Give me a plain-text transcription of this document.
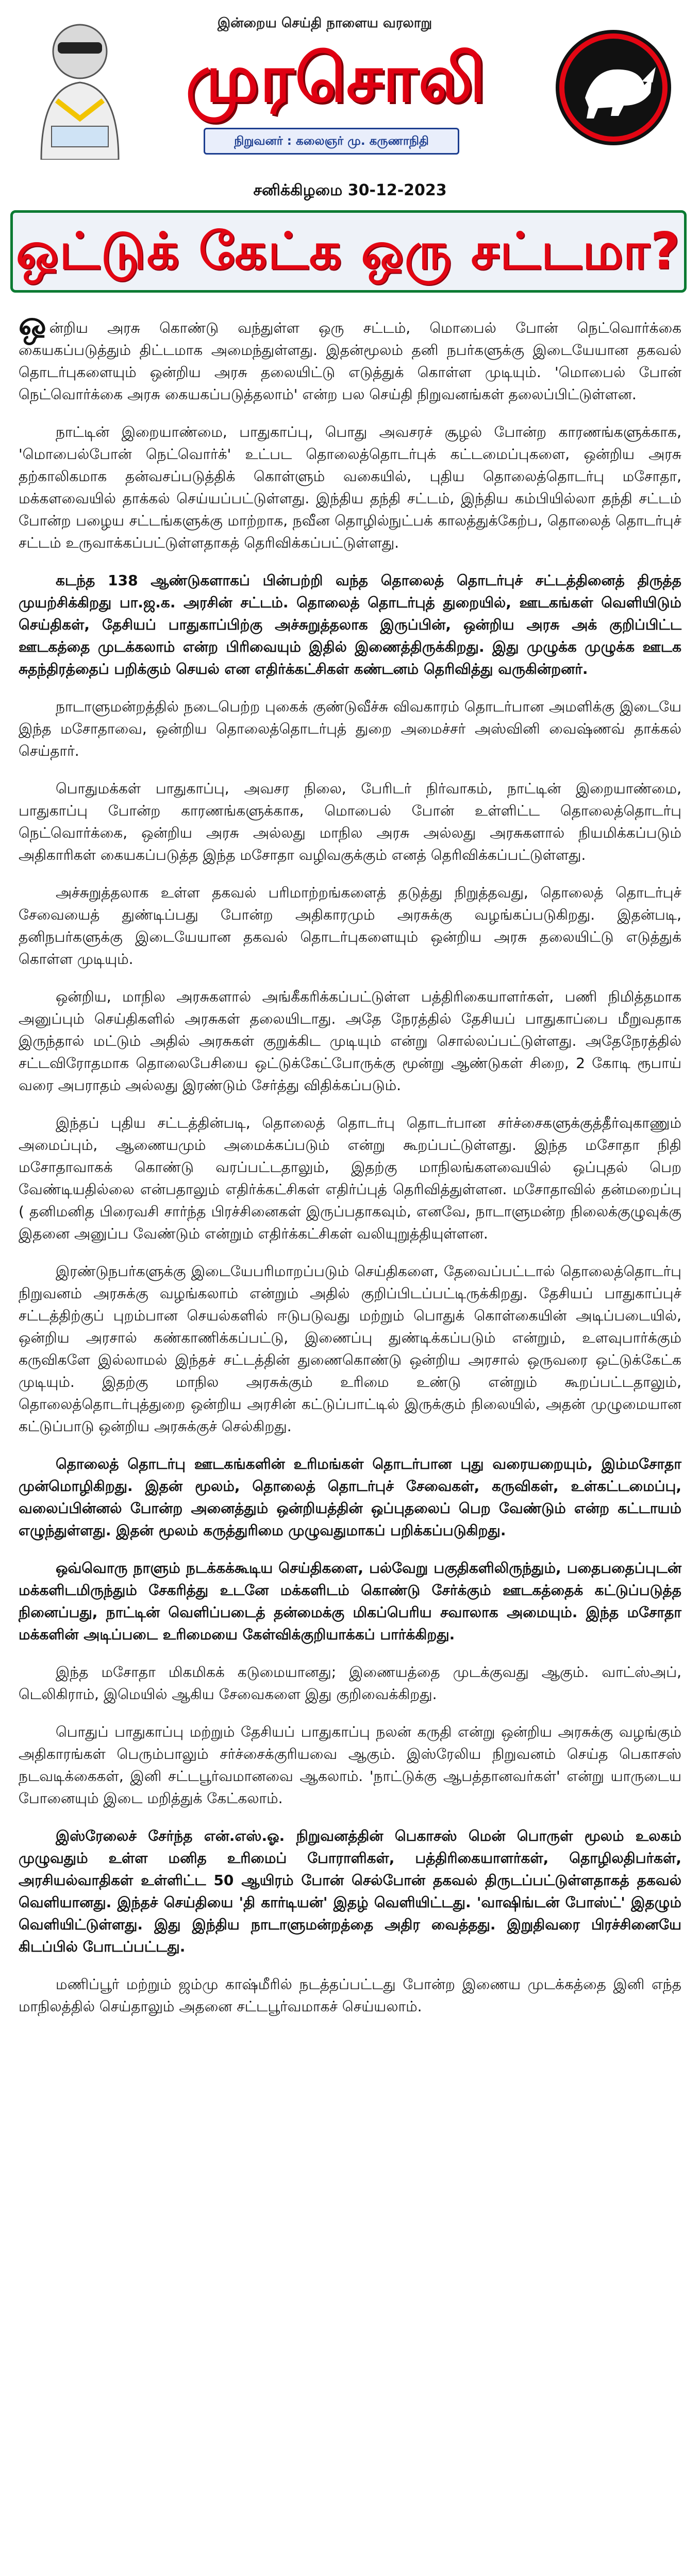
இன்றைய செய்தி நாளைய வரலாறு
முரசொலி
நிறுவனர் : கலைஞர் மு. கருணாநிதி
சனிக்கிழமை 30-12-2023
ஒட்டுக் கேட்க ஒரு சட்டமா?

ஒன்றிய அரசு கொண்டு வந்துள்ள ஒரு சட்டம், மொபைல் போன் நெட்வொர்க்கை கையகப்படுத்தும் திட்டமாக அமைந்துள்ளது. இதன்மூலம் தனி நபர்களுக்கு இடையேயான தகவல் தொடர்புகளையும் ஒன்றிய அரசு தலையிட்டு எடுத்துக் கொள்ள முடியும். 'மொபைல் போன் நெட்வொர்க்கை அரசு கையகப்படுத்தலாம்' என்ற பல செய்தி நிறுவனங்கள் தலைப்பிட்டுள்ளன.

நாட்டின் இறையாண்மை, பாதுகாப்பு, பொது அவசரச் சூழல் போன்ற காரணங்களுக்காக, 'மொபைல்போன் நெட்வொர்க்' உட்பட தொலைத்தொடர்புக் கட்டமைப்புகளை, ஒன்றிய அரசு தற்காலிகமாக தன்வசப்படுத்திக் கொள்ளும் வகையில், புதிய தொலைத்தொடர்பு மசோதா, மக்களவையில் தாக்கல் செய்யப்பட்டுள்ளது. இந்திய தந்தி சட்டம், இந்திய கம்பியில்லா தந்தி சட்டம் போன்ற பழைய சட்டங்களுக்கு மாற்றாக, நவீன தொழில்நுட்பக் காலத்துக்கேற்ப, தொலைத் தொடர்புச் சட்டம் உருவாக்கப்பட்டுள்ளதாகத் தெரிவிக்கப்பட்டுள்ளது.

கடந்த 138 ஆண்டுகளாகப் பின்பற்றி வந்த தொலைத் தொடர்புச் சட்டத்தினைத் திருத்த முயற்சிக்கிறது பா.ஜ.க. அரசின் சட்டம். தொலைத் தொடர்புத் துறையில், ஊடகங்கள் வெளியிடும் செய்திகள், தேசியப் பாதுகாப்பிற்கு அச்சுறுத்தலாக இருப்பின், ஒன்றிய அரசு அக் குறிப்பிட்ட ஊடகத்தை முடக்கலாம் என்ற பிரிவையும் இதில் இணைத்திருக்கிறது. இது முழுக்க முழுக்க ஊடக சுதந்திரத்தைப் பறிக்கும் செயல் என எதிர்க்கட்சிகள் கண்டனம் தெரிவித்து வருகின்றனர்.

நாடாளுமன்றத்தில் நடைபெற்ற புகைக் குண்டுவீச்சு விவகாரம் தொடர்பான அமளிக்கு இடையே இந்த மசோதாவை, ஒன்றிய தொலைத்தொடர்புத் துறை அமைச்சர் அஸ்வினி வைஷ்ணவ் தாக்கல் செய்தார்.

பொதுமக்கள் பாதுகாப்பு, அவசர நிலை, பேரிடர் நிர்வாகம், நாட்டின் இறையாண்மை, பாதுகாப்பு போன்ற காரணங்களுக்காக, மொபைல் போன் உள்ளிட்ட தொலைத்தொடர்பு நெட்வொர்க்கை, ஒன்றிய அரசு அல்லது மாநில அரசு அல்லது அரசுகளால் நியமிக்கப்படும் அதிகாரிகள் கையகப்படுத்த இந்த மசோதா வழிவகுக்கும் எனத் தெரிவிக்கப்பட்டுள்ளது.

அச்சுறுத்தலாக உள்ள தகவல் பரிமாற்றங்களைத் தடுத்து நிறுத்தவது, தொலைத் தொடர்புச் சேவையைத் துண்டிப்பது போன்ற அதிகாரமும் அரசுக்கு வழங்கப்படுகிறது. இதன்படி, தனிநபர்களுக்கு இடையேயான தகவல் தொடர்புகளையும் ஒன்றிய அரசு தலையிட்டு எடுத்துக் கொள்ள முடியும்.

ஒன்றிய, மாநில அரசுகளால் அங்கீகரிக்கப்பட்டுள்ள பத்திரிகையாளர்கள், பணி நிமித்தமாக அனுப்பும் செய்திகளில் அரசுகள் தலையிடாது. அதே நேரத்தில் தேசியப் பாதுகாப்பை மீறுவதாக இருந்தால் மட்டும் அதில் அரசுகள் குறுக்கிட முடியும் என்று சொல்லப்பட்டுள்ளது. அதேநேரத்தில் சட்டவிரோதமாக தொலைபேசியை ஒட்டுக்கேட்போருக்கு மூன்று ஆண்டுகள் சிறை, 2 கோடி ரூபாய் வரை அபராதம் அல்லது இரண்டும் சேர்த்து விதிக்கப்படும்.

இந்தப் புதிய சட்டத்தின்படி, தொலைத் தொடர்பு தொடர்பான சர்ச்சைகளுக்குத்தீர்வுகாணும் அமைப்பும், ஆணையமும் அமைக்கப்படும் என்று கூறப்பட்டுள்ளது. இந்த மசோதா நிதி மசோதாவாகக் கொண்டு வரப்பட்டதாலும், இதற்கு மாநிலங்களவையில் ஒப்புதல் பெற வேண்டியதில்லை என்பதாலும் எதிர்க்கட்சிகள் எதிர்ப்புத் தெரிவித்துள்ளன. மசோதாவில் தன்மறைப்பு ( தனிமனித பிரைவசி சார்ந்த பிரச்சினைகள் இருப்பதாகவும், எனவே, நாடாளுமன்ற நிலைக்குழுவுக்கு இதனை அனுப்ப வேண்டும் என்றும் எதிர்க்கட்சிகள் வலியுறுத்தியுள்ளன.

இரண்டுநபர்களுக்கு இடையேபரிமாறப்படும் செய்திகளை, தேவைப்பட்டால் தொலைத்தொடர்பு நிறுவனம் அரசுக்கு வழங்கலாம் என்றும் அதில் குறிப்பிடப்பட்டிருக்கிறது. தேசியப் பாதுகாப்புச் சட்டத்திற்குப் புறம்பான செயல்களில் ஈடுபடுவது மற்றும் பொதுக் கொள்கையின் அடிப்படையில், ஒன்றிய அரசால் கண்காணிக்கப்பட்டு, இணைப்பு துண்டிக்கப்படும் என்றும், உளவுபார்க்கும் கருவிகளே இல்லாமல் இந்தச் சட்டத்தின் துணைகொண்டு ஒன்றிய அரசால் ஒருவரை ஒட்டுக்கேட்க முடியும். இதற்கு மாநில அரசுக்கும் உரிமை உண்டு என்றும் கூறப்பட்டதாலும், தொலைத்தொடர்புத்துறை ஒன்றிய அரசின் கட்டுப்பாட்டில் இருக்கும் நிலையில், அதன் முழுமையான கட்டுப்பாடு ஒன்றிய அரசுக்குச் செல்கிறது.

தொலைத் தொடர்பு ஊடகங்களின் உரிமங்கள் தொடர்பான புது வரையறையும், இம்மசோதா முன்மொழிகிறது. இதன் மூலம், தொலைத் தொடர்புச் சேவைகள், கருவிகள், உள்கட்டமைப்பு, வலைப்பின்னல் போன்ற அனைத்தும் ஒன்றியத்தின் ஒப்புதலைப் பெற வேண்டும் என்ற கட்டாயம் எழுந்துள்ளது. இதன் மூலம் கருத்துரிமை முழுவதுமாகப் பறிக்கப்படுகிறது.

ஒவ்வொரு நாளும் நடக்கக்கூடிய செய்திகளை, பல்வேறு பகுதிகளிலிருந்தும், பதைபதைப்புடன் மக்களிடமிருந்தும் சேகரித்து உடனே மக்களிடம் கொண்டு சேர்க்கும் ஊடகத்தைக் கட்டுப்படுத்த நினைப்பது, நாட்டின் வெளிப்படைத் தன்மைக்கு மிகப்பெரிய சவாலாக அமையும். இந்த மசோதா மக்களின் அடிப்படை உரிமையை கேள்விக்குறியாக்கப் பார்க்கிறது.

இந்த மசோதா மிகமிகக் கடுமையானது; இணையத்தை முடக்குவது ஆகும். வாட்ஸ்அப், டெலிகிராம், இமெயில் ஆகிய சேவைகளை இது குறிவைக்கிறது.

பொதுப் பாதுகாப்பு மற்றும் தேசியப் பாதுகாப்பு நலன் கருதி என்று ஒன்றிய அரசுக்கு வழங்கும் அதிகாரங்கள் பெரும்பாலும் சர்ச்சைக்குரியவை ஆகும். இஸ்ரேலிய நிறுவனம் செய்த பெகாசஸ் நடவடிக்கைகள், இனி சட்டபூர்வமானவை ஆகலாம். 'நாட்டுக்கு ஆபத்தானவர்கள்' என்று யாருடைய போனையும் இடை மறித்துக் கேட்கலாம்.

இஸ்ரேலைச் சேர்ந்த என்.எஸ்.ஓ. நிறுவனத்தின் பெகாசஸ் மென் பொருள் மூலம் உலகம் முழுவதும் உள்ள மனித உரிமைப் போராளிகள், பத்திரிகையாளர்கள், தொழிலதிபர்கள், அரசியல்வாதிகள் உள்ளிட்ட 50 ஆயிரம் போன் செல்போன் தகவல் திருடப்பட்டுள்ளதாகத் தகவல் வெளியானது. இந்தச் செய்தியை 'தி கார்டியன்' இதழ் வெளியிட்டது. 'வாஷிங்டன் போஸ்ட்' இதழும் வெளியிட்டுள்ளது. இது இந்திய நாடாளுமன்றத்தை அதிர வைத்தது. இறுதிவரை பிரச்சினையே கிடப்பில் போடப்பட்டது.

மணிப்பூர் மற்றும் ஜம்மு காஷ்மீரில் நடத்தப்பட்டது போன்ற இணைய முடக்கத்தை இனி எந்த மாநிலத்தில் செய்தாலும் அதனை சட்டபூர்வமாகச் செய்யலாம்.
